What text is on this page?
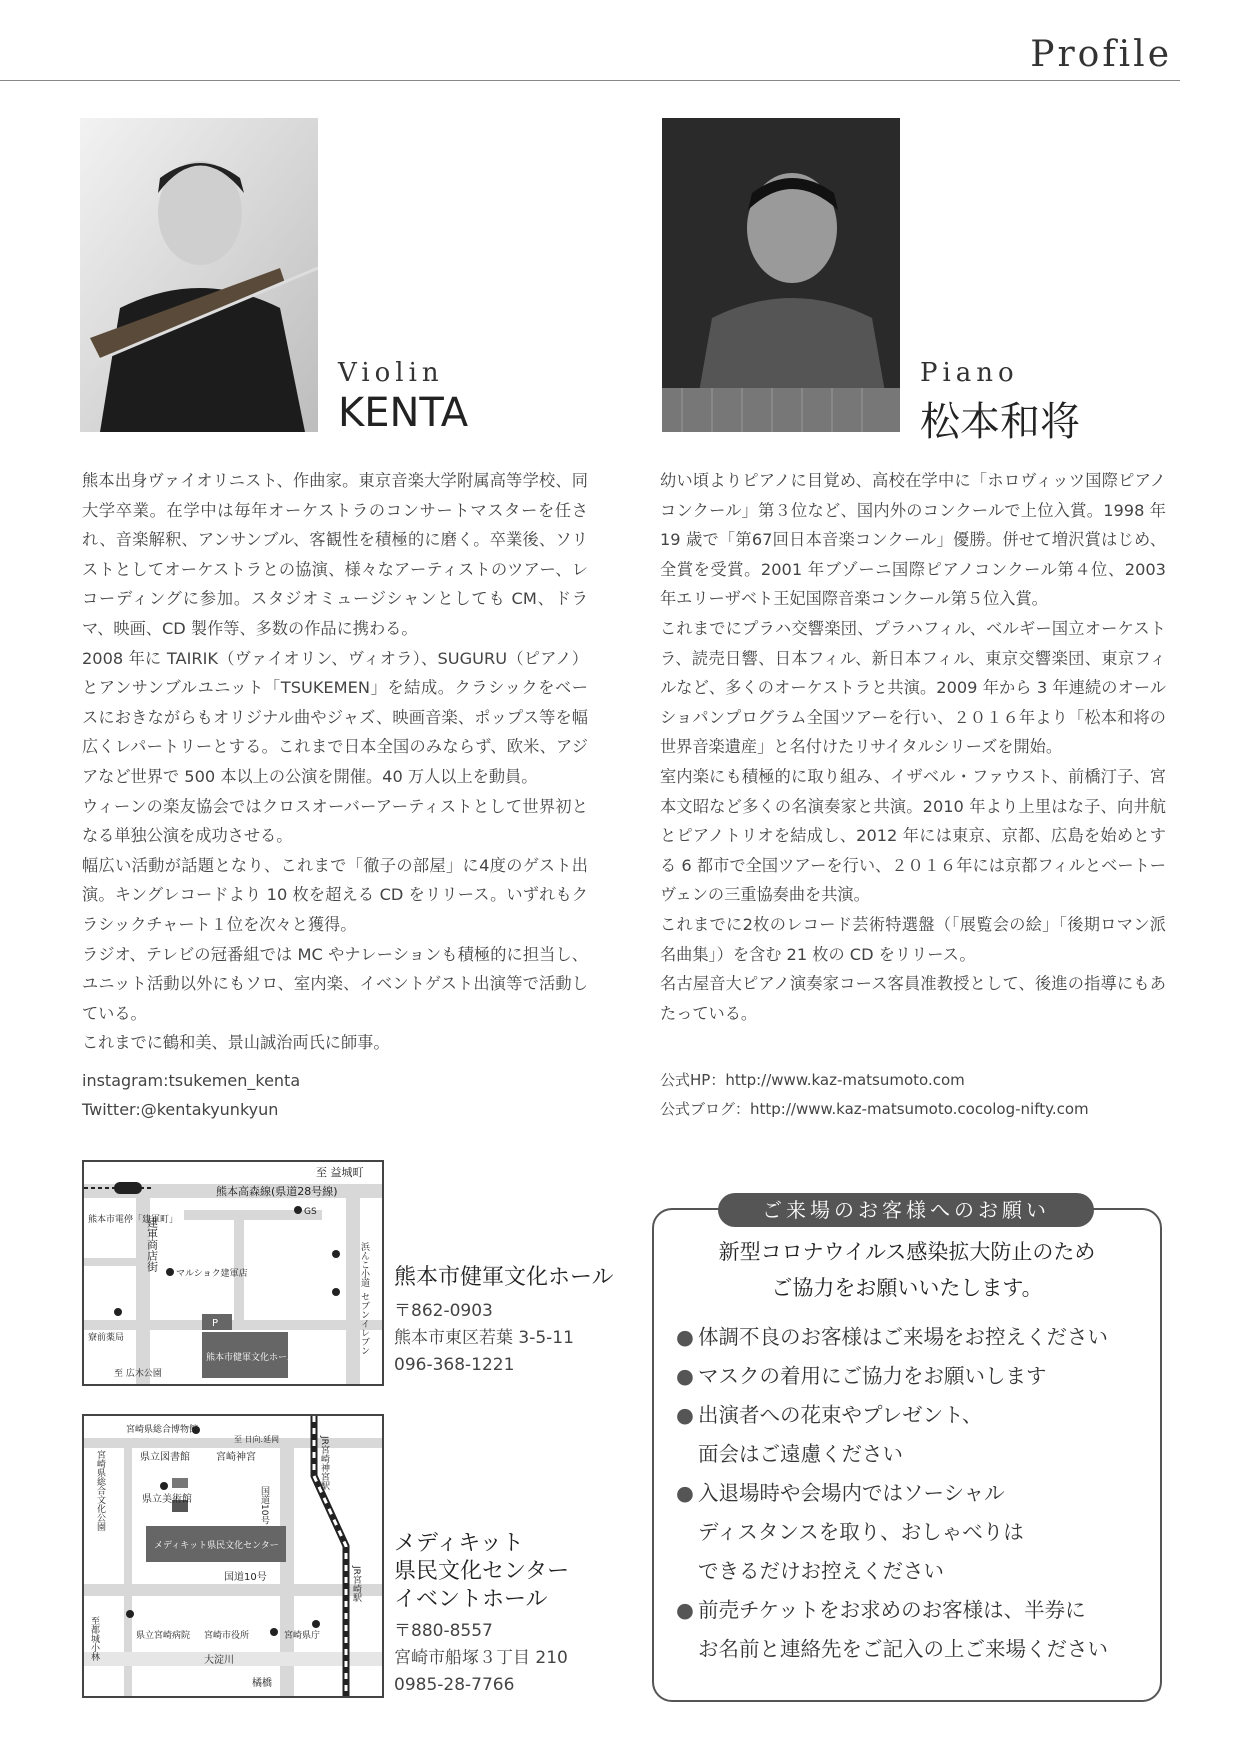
Profile
Violin
KENTA
Piano
松本和将

熊本出身ヴァイオリニスト、作曲家。東京音楽大学附属高等学校、同大学卒業。在学中は毎年オーケストラのコンサートマスターを任され、音楽解釈、アンサンブル、客観性を積極的に磨く。卒業後、ソリストとしてオーケストラとの協演、様々なアーティストのツアー、レコーディングに参加。スタジオミュージシャンとしても CM、ドラマ、映画、CD 製作等、多数の作品に携わる。

2008 年に TAIRIK（ヴァイオリン、ヴィオラ）、SUGURU（ピアノ）とアンサンブルユニット「TSUKEMEN」を結成。クラシックをベースにおきながらもオリジナル曲やジャズ、映画音楽、ポップス等を幅広くレパートリーとする。これまで日本全国のみならず、欧米、アジアなど世界で 500 本以上の公演を開催。40 万人以上を動員。

ウィーンの楽友協会ではクロスオーバーアーティストとして世界初となる単独公演を成功させる。

幅広い活動が話題となり、これまで「徹子の部屋」に4度のゲスト出演。キングレコードより 10 枚を超える CD をリリース。いずれもクラシックチャート１位を次々と獲得。

ラジオ、テレビの冠番組では MC やナレーションも積極的に担当し、ユニット活動以外にもソロ、室内楽、イベントゲスト出演等で活動している。

これまでに鶴和美、景山誠治両氏に師事。

instagram:tsukemen_kenta
Twitter:@kentakyunkyun

幼い頃よりピアノに目覚め、高校在学中に「ホロヴィッツ国際ピアノコンクール」第３位など、国内外のコンクールで上位入賞。1998 年19 歳で「第67回日本音楽コンクール」優勝。併せて増沢賞はじめ、全賞を受賞。2001 年ブゾーニ国際ピアノコンクール第４位、2003 年エリーザベト王妃国際音楽コンクール第５位入賞。

これまでにプラハ交響楽団、プラハフィル、ベルギー国立オーケストラ、読売日響、日本フィル、新日本フィル、東京交響楽団、東京フィルなど、多くのオーケストラと共演。2009 年から 3 年連続のオールショパンプログラム全国ツアーを行い、２０１６年より「松本和将の世界音楽遺産」と名付けたリサイタルシリーズを開始。

室内楽にも積極的に取り組み、イザベル・ファウスト、前橋汀子、宮本文昭など多くの名演奏家と共演。2010 年より上里はな子、向井航とピアノトリオを結成し、2012 年には東京、京都、広島を始めとする 6 都市で全国ツアーを行い、２０１６年には京都フィルとベートーヴェンの三重協奏曲を共演。

これまでに2枚のレコード芸術特選盤（「展覧会の絵」「後期ロマン派名曲集」）を含む 21 枚の CD をリリース。

名古屋音大ピアノ演奏家コース客員准教授として、後進の指導にもあたっている。

公式HP：http://www.kaz-matsumoto.com
公式ブログ：http://www.kaz-matsumoto.cocolog-nifty.com
至 益城町
熊本高森線(県道28号線)
熊本市電停「建軍町」
建軍商店街
GS
マルショク建軍店	浜んこ小道
セブンイレブン
P
熊本市健軍文化ホール
寮前薬局
至 広木公園
熊本市健軍文化ホール
〒862-0903
熊本市東区若葉 3-5-11
096-368-1221
宮崎県総合博物館
至 日向.延岡	JR宮崎神宮駅
宮崎県総合文化公園	県立図書館	宮崎神宮
県立美術館	国道10号
メディキット県民文化センター
国道10号	JR宮崎駅
至都城小林	県立宮崎病院 宮崎市役所	宮崎県庁
大淀川
橘橋
メディキット
県民文化センター
イベントホール
〒880-8557
宮崎市船塚３丁目 210
0985-28-7766
ご来場のお客様へのお願い
新型コロナウイルス感染拡大防止のため
ご協力をお願いいたします。
● 体調不良のお客様はご来場をお控えください
● マスクの着用にご協力をお願いします
● 出演者への花束やプレゼント、
面会はご遠慮ください
● 入退場時や会場内ではソーシャル
ディスタンスを取り、おしゃべりは
できるだけお控えください
● 前売チケットをお求めのお客様は、半券に
お名前と連絡先をご記入の上ご来場ください
